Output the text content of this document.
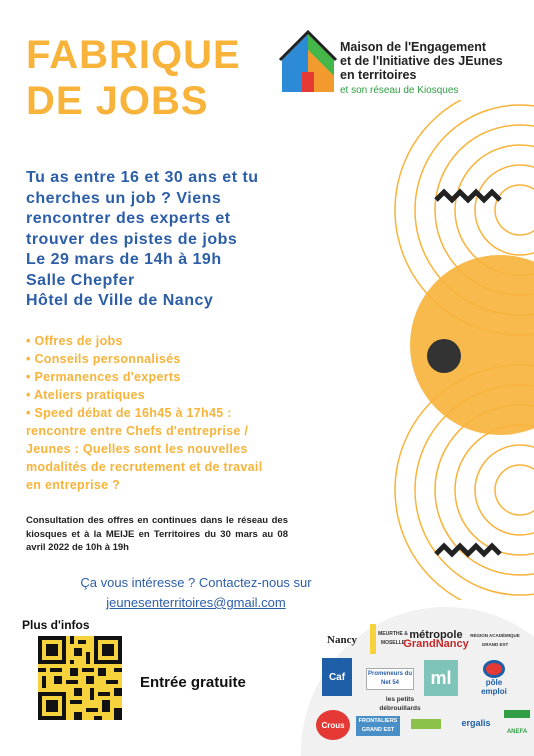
FABRIQUE
DE JOBS
Maison de l'Engagement
et de l'Initiative des JEunes
en territoires
et son réseau de Kiosques
Tu as entre 16 et 30 ans et tu
cherches un job ? Viens
rencontrer des experts et
trouver des pistes de jobs
Le 29 mars de 14h à 19h
Salle Chepfer
Hôtel de Ville de Nancy
• Offres de jobs
• Conseils personnalisés
• Permanences d'experts
• Ateliers pratiques
• Speed débat de 16h45 à 17h45 :
rencontre entre Chefs d'entreprise /
Jeunes : Quelles sont les nouvelles
modalités de recrutement et de travail
en entreprise ?
Consultation des offres en continues dans le réseau des kiosques et à la MEIJE en Territoires du 30 mars au 08 avril 2022 de 10h à 19h
Ça vous intéresse ? Contactez-nous sur
jeunesenterritoires@gmail.com
Plus d'infos
Entrée gratuite
Nancy	MEURTHE & MOSELLE
métropole
GrandNancy
RÉGION ACADÉMIQUE GRAND EST
Caf	Promeneurs du Net 54	ml	pôle emploi
les petits débrouillards
Crous	FRONTALIERS GRAND EST
ergalis
ANEFA
